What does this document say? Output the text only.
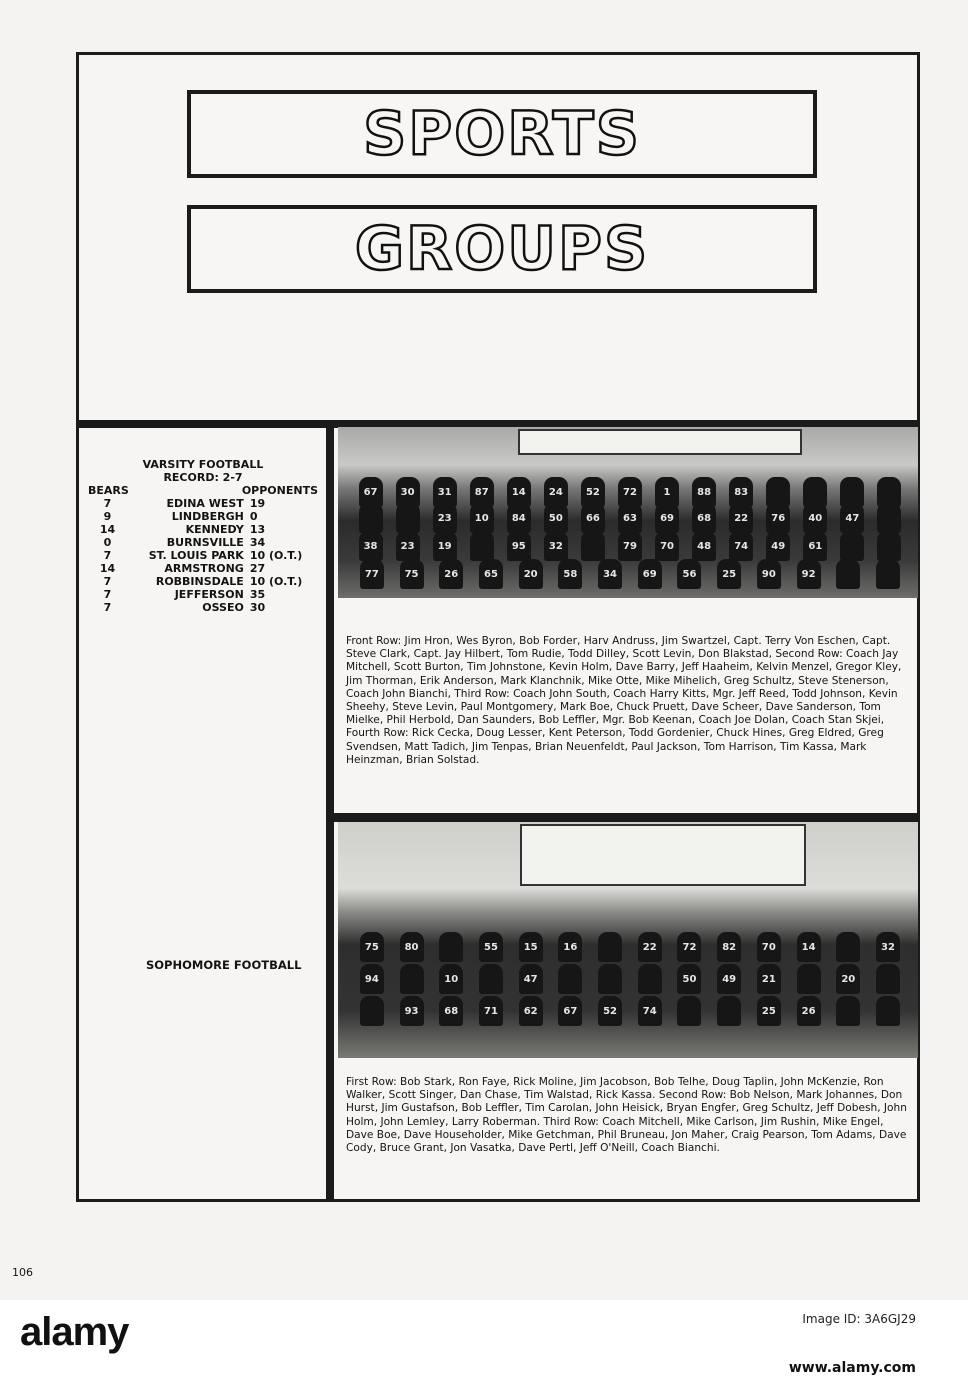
SPORTS
GROUPS
VARSITY FOOTBALL
RECORD: 2-7
BEARS	OPPONENTS
7	EDINA WEST 19
9	LINDBERGH 0
14	KENNEDY 13
0	BURNSVILLE 34
7	ST. LOUIS PARK 10 (O.T.)
14	ARMSTRONG 27
7	ROBBINSDALE 10 (O.T.)
7	JEFFERSON 35
7	OSSEO 30
67	30	31	87	14	24	52	72	1	88	83
23	10	84	50	66	63	69	68	22	76	40	47
38	23	19	95	32	79	70	48	74	49	61
77	75	26	65	20	58	34	69	56	25	90	92
Front Row: Jim Hron, Wes Byron, Bob Forder, Harv Andruss, Jim Swartzel, Capt. Terry Von Eschen, Capt. Steve Clark, Capt. Jay Hilbert, Tom Rudie, Todd Dilley, Scott Levin, Don Blakstad, Second Row: Coach Jay Mitchell, Scott Burton, Tim Johnstone, Kevin Holm, Dave Barry, Jeff Haaheim, Kelvin Menzel, Gregor Kley, Jim Thorman, Erik Anderson, Mark Klanchnik, Mike Otte, Mike Mihelich, Greg Schultz, Steve Stenerson, Coach John Bianchi, Third Row: Coach John South, Coach Harry Kitts, Mgr. Jeff Reed, Todd Johnson, Kevin Sheehy, Steve Levin, Paul Montgomery, Mark Boe, Chuck Pruett, Dave Scheer, Dave Sanderson, Tom Mielke, Phil Herbold, Dan Saunders, Bob Leffler, Mgr. Bob Keenan, Coach Joe Dolan, Coach Stan Skjei, Fourth Row: Rick Cecka, Doug Lesser, Kent Peterson, Todd Gordenier, Chuck Hines, Greg Eldred, Greg Svendsen, Matt Tadich, Jim Tenpas, Brian Neuenfeldt, Paul Jackson, Tom Harrison, Tim Kassa, Mark Heinzman, Brian Solstad.
SOPHOMORE FOOTBALL
75	80	55	15	16	22	72	82	70	14	32
94	10	47	50	49	21	20
93	68	71	62	67	52	74	25	26
First Row: Bob Stark, Ron Faye, Rick Moline, Jim Jacobson, Bob Telhe, Doug Taplin, John McKenzie, Ron Walker, Scott Singer, Dan Chase, Tim Walstad, Rick Kassa. Second Row: Bob Nelson, Mark Johannes, Don Hurst, Jim Gustafson, Bob Leffler, Tim Carolan, John Heisick, Bryan Engfer, Greg Schultz, Jeff Dobesh, John Holm, John Lemley, Larry Roberman. Third Row: Coach Mitchell, Mike Carlson, Jim Rushin, Mike Engel, Dave Boe, Dave Householder, Mike Getchman, Phil Bruneau, Jon Maher, Craig Pearson, Tom Adams, Dave Cody, Bruce Grant, Jon Vasatka, Dave Pertl, Jeff O'Neill, Coach Bianchi.
106
alamy	Image ID: 3A6GJ29
www.alamy.com
